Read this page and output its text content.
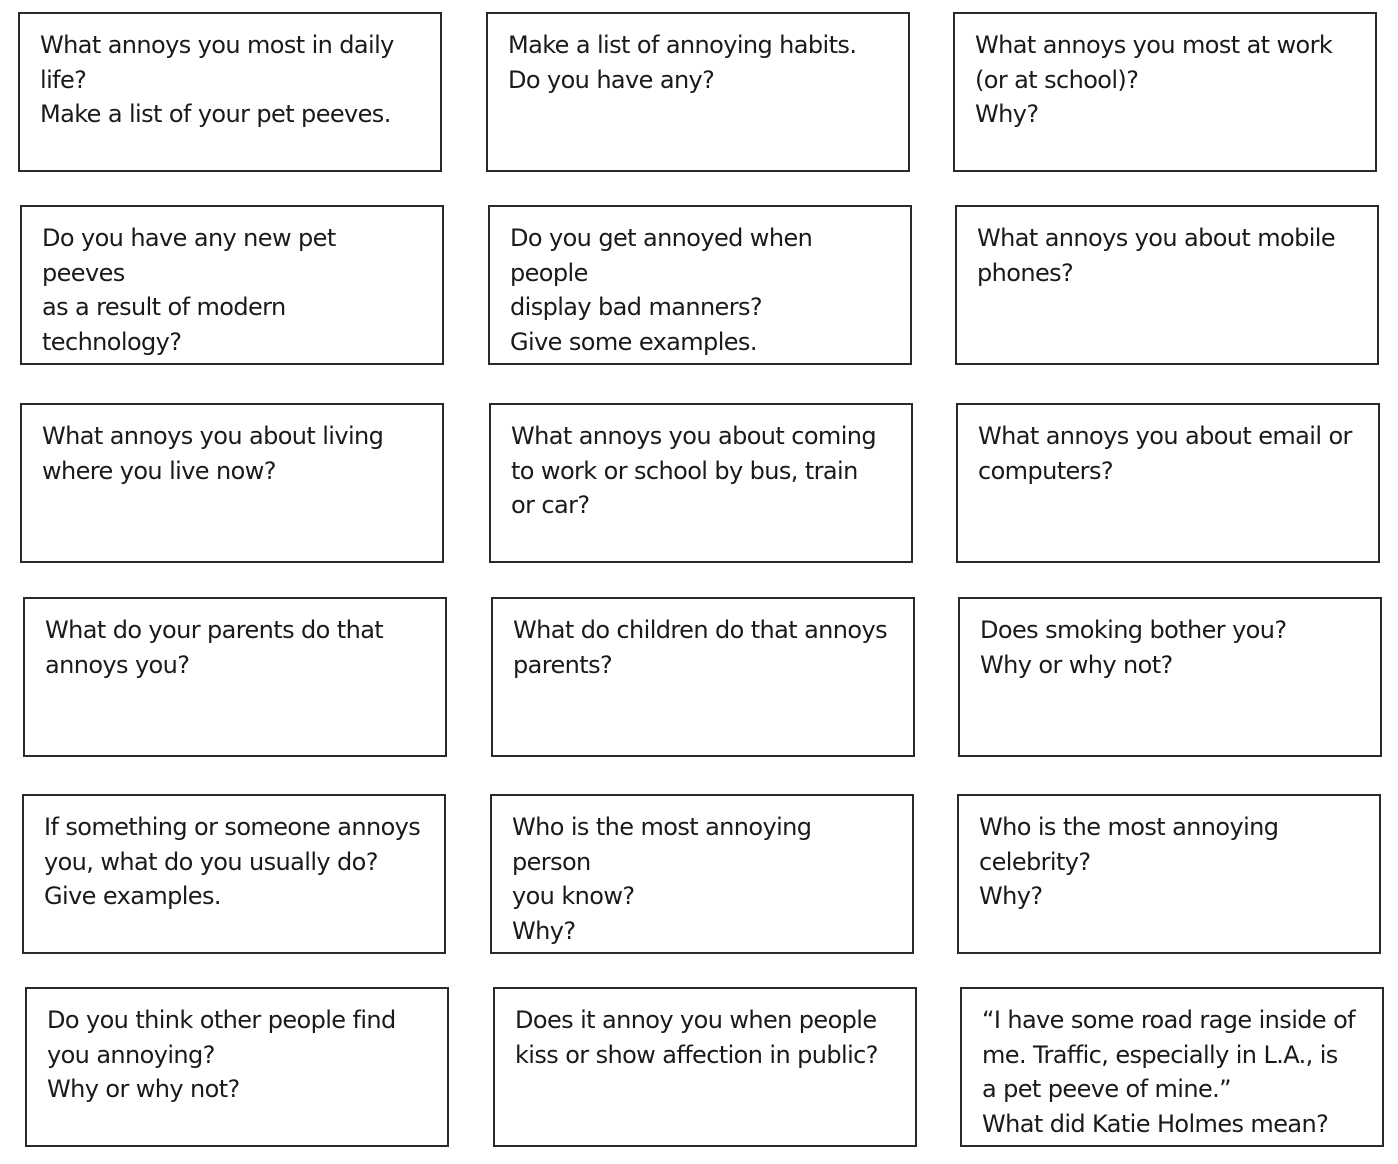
What annoys you most in daily
life?
Make a list of your pet peeves.

Make a list of annoying habits.
Do you have any?

What annoys you most at work
(or at school)?
Why?

Do you have any new pet peeves
as a result of modern
technology?

Do you get annoyed when people
display bad manners?
Give some examples.

What annoys you about mobile
phones?

What annoys you about living
where you live now?

What annoys you about coming
to work or school by bus, train
or car?

What annoys you about email or
computers?

What do your parents do that
annoys you?

What do children do that annoys
parents?

Does smoking bother you?
Why or why not?

If something or someone annoys
you, what do you usually do?
Give examples.

Who is the most annoying person
you know?
Why?

Who is the most annoying
celebrity?
Why?

Do you think other people find
you annoying?
Why or why not?

Does it annoy you when people
kiss or show affection in public?

“I have some road rage inside of
me. Traffic, especially in L.A., is
a pet peeve of mine.”
What did Katie Holmes mean?
